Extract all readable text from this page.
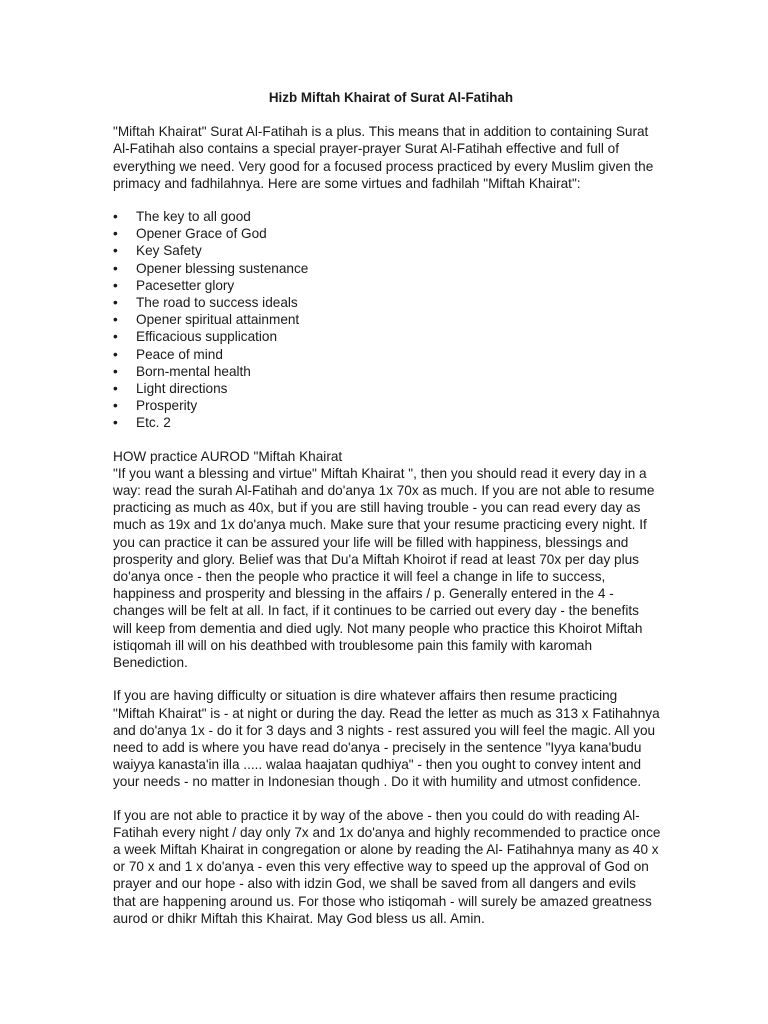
Hizb Miftah Khairat of Surat Al-Fatihah

"Miftah Khairat" Surat Al-Fatihah is a plus. This means that in addition to containing Surat Al-Fatihah also contains a special prayer-prayer Surat Al-Fatihah effective and full of everything we need. Very good for a focused process practiced by every Muslim given the primacy and fadhilahnya. Here are some virtues and fadhilah "Miftah Khairat":

• The key to all good
• Opener Grace of God
• Key Safety
• Opener blessing sustenance
• Pacesetter glory
• The road to success ideals
• Opener spiritual attainment
• Efficacious supplication
• Peace of mind
• Born-mental health
• Light directions
• Prosperity
• Etc. 2

HOW practice AUROD "Miftah Khairat

"If you want a blessing and virtue" Miftah Khairat ", then you should read it every day in a way: read the surah Al-Fatihah and do'anya 1x 70x as much. If you are not able to resume practicing as much as 40x, but if you are still having trouble - you can read every day as much as 19x and 1x do'anya much. Make sure that your resume practicing every night. If you can practice it can be assured your life will be filled with happiness, blessings and prosperity and glory. Belief was that Du'a Miftah Khoirot if read at least 70x per day plus do'anya once - then the people who practice it will feel a change in life to success, happiness and prosperity and blessing in the affairs / p. Generally entered in the 4 - changes will be felt at all. In fact, if it continues to be carried out every day - the benefits will keep from dementia and died ugly. Not many people who practice this Khoirot Miftah istiqomah ill will on his deathbed with troublesome pain this family with karomah Benediction.

If you are having difficulty or situation is dire whatever affairs then resume practicing "Miftah Khairat" is - at night or during the day. Read the letter as much as 313 x Fatihahnya and do'anya 1x - do it for 3 days and 3 nights - rest assured you will feel the magic. All you need to add is where you have read do'anya - precisely in the sentence "Iyya kana'budu waiyya kanasta'in illa ..... walaa haajatan qudhiya" - then you ought to convey intent and your needs - no matter in Indonesian though . Do it with humility and utmost confidence.

If you are not able to practice it by way of the above - then you could do with reading Al-Fatihah every night / day only 7x and 1x do'anya and highly recommended to practice once a week Miftah Khairat in congregation or alone by reading the Al- Fatihahnya many as 40 x or 70 x and 1 x do'anya - even this very effective way to speed up the approval of God on prayer and our hope - also with idzin God, we shall be saved from all dangers and evils that are happening around us. For those who istiqomah - will surely be amazed greatness aurod or dhikr Miftah this Khairat. May God bless us all. Amin.
